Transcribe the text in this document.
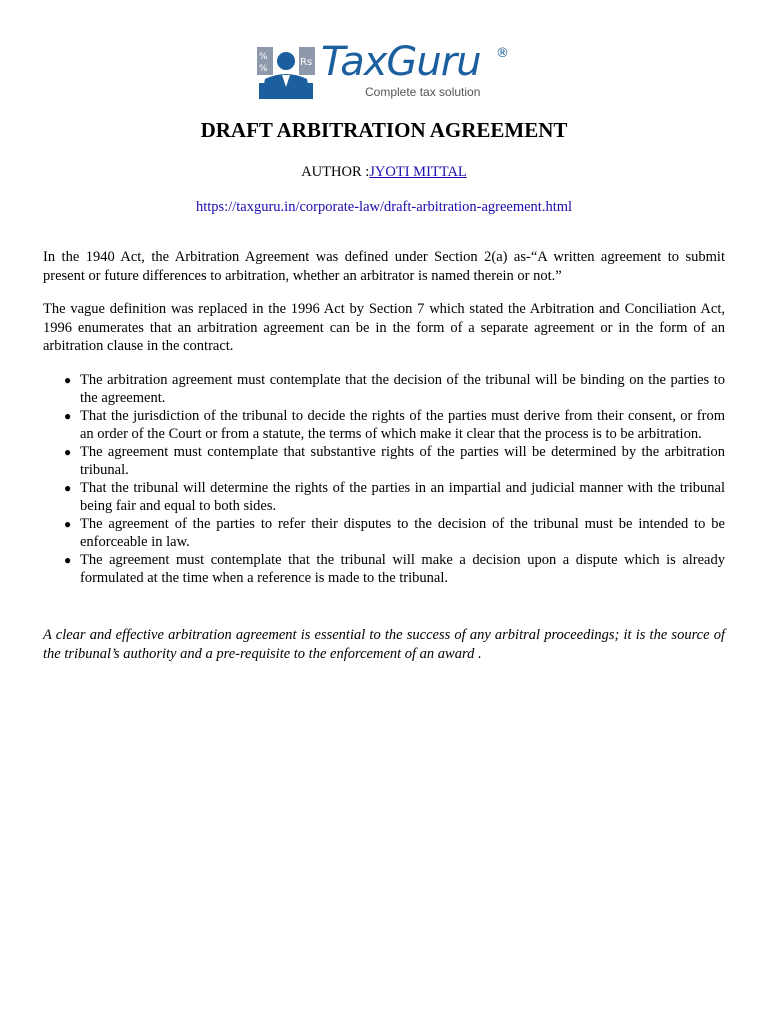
%
%
Rs TaxGuru ®
Complete tax solution
DRAFT ARBITRATION AGREEMENT
AUTHOR :JYOTI MITTAL
https://taxguru.in/corporate-law/draft-arbitration-agreement.html

In the 1940 Act, the Arbitration Agreement was defined under Section 2(a) as-“A written agreement to submit present or future differences to arbitration, whether an arbitrator is named therein or not.”

The vague definition was replaced in the 1996 Act by Section 7 which stated the Arbitration and Conciliation Act, 1996 enumerates that an arbitration agreement can be in the form of a separate agreement or in the form of an arbitration clause in the contract.

● The arbitration agreement must contemplate that the decision of the tribunal will be binding on the parties to the agreement.
● That the jurisdiction of the tribunal to decide the rights of the parties must derive from their consent, or from an order of the Court or from a statute, the terms of which make it clear that the process is to be arbitration.
● The agreement must contemplate that substantive rights of the parties will be determined by the arbitration tribunal.
● That the tribunal will determine the rights of the parties in an impartial and judicial manner with the tribunal being fair and equal to both sides.
● The agreement of the parties to refer their disputes to the decision of the tribunal must be intended to be enforceable in law.
● The agreement must contemplate that the tribunal will make a decision upon a dispute which is already formulated at the time when a reference is made to the tribunal.

A clear and effective arbitration agreement is essential to the success of any arbitral proceedings; it is the source of the tribunal’s authority and a pre-requisite to the enforcement of an award .
